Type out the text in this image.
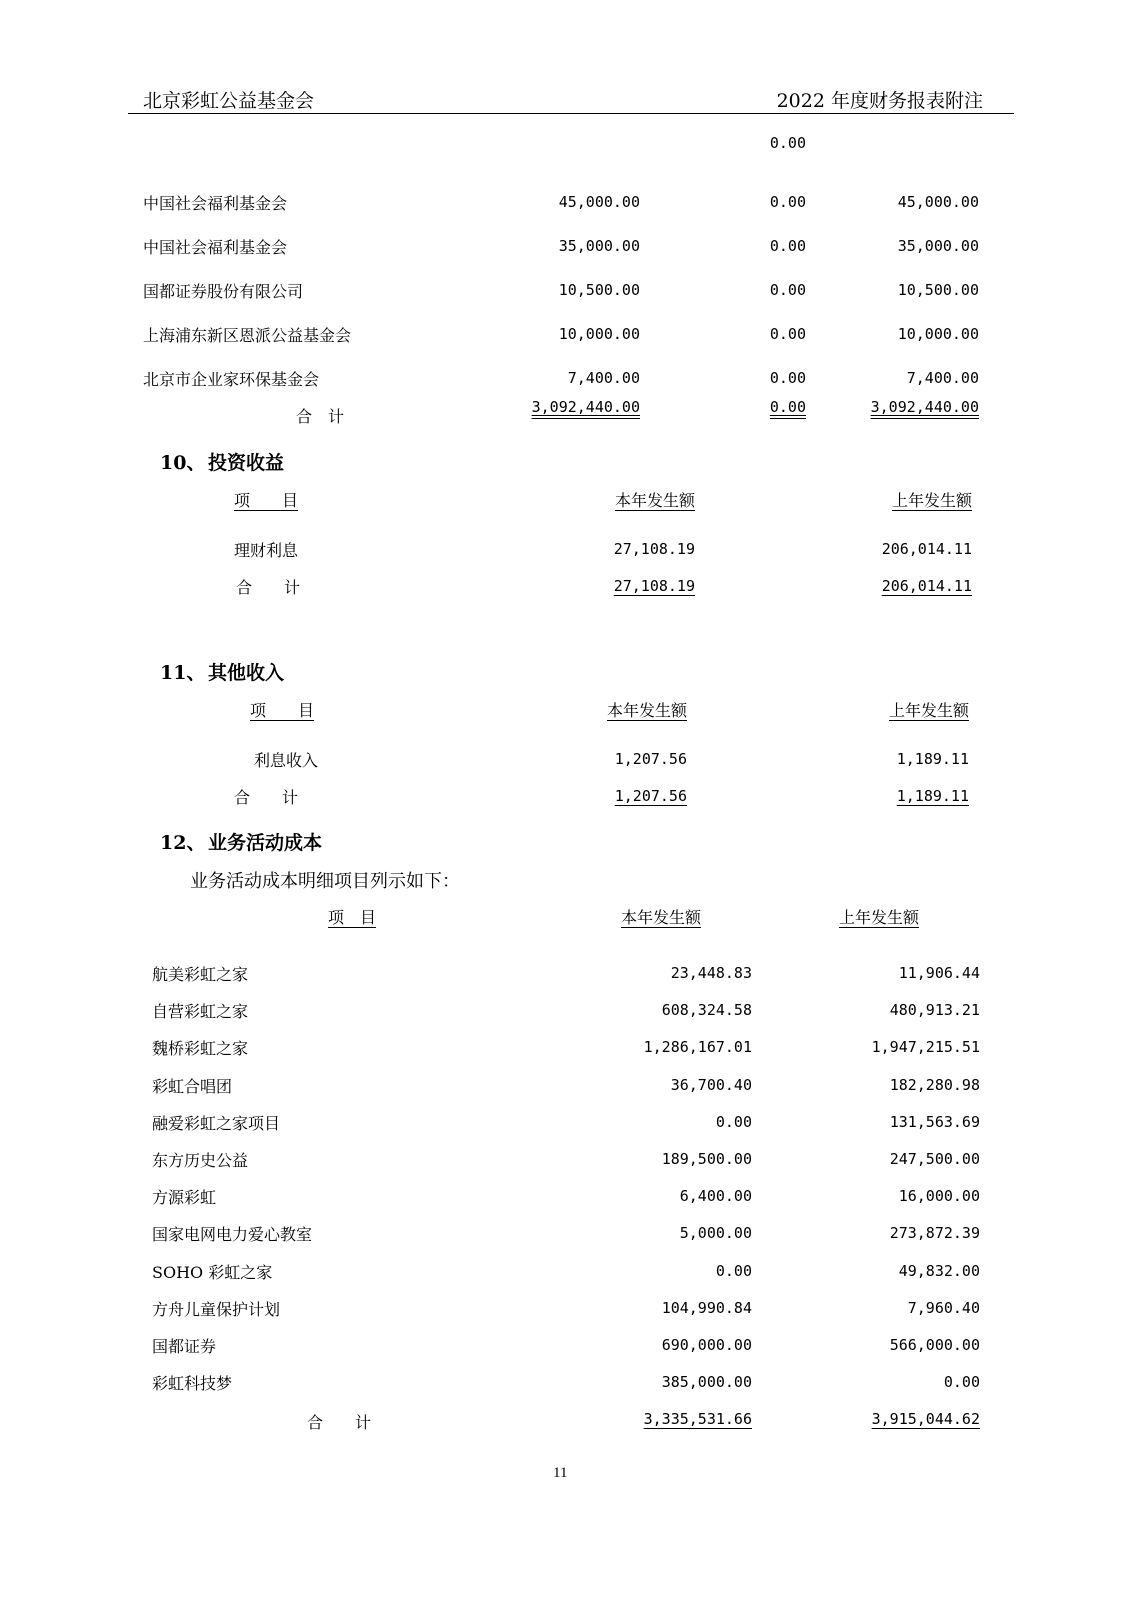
北京彩虹公益基金会	2022 年度财务报表附注
0.00
中国社会福利基金会	45,000.00	0.00	45,000.00
中国社会福利基金会	35,000.00	0.00	35,000.00
国都证券股份有限公司	10,500.00	0.00	10,500.00
上海浦东新区恩派公益基金会	10,000.00	0.00	10,000.00
北京市企业家环保基金会	7,400.00	0.00	7,400.00
合　计	3,092,440.00	0.00	3,092,440.00
10、 投资收益
项　　目	本年发生额	上年发生额
理财利息	27,108.19	206,014.11
合　　计	27,108.19	206,014.11
11、 其他收入
项　　目	本年发生额	上年发生额
利息收入	1,207.56	1,189.11
合　　计	1,207.56	1,189.11
12、 业务活动成本
业务活动成本明细项目列示如下：
项　目	本年发生额	上年发生额
航美彩虹之家	23,448.83	11,906.44
自营彩虹之家	608,324.58	480,913.21
魏桥彩虹之家	1,286,167.01	1,947,215.51
彩虹合唱团	36,700.40	182,280.98
融爱彩虹之家项目	0.00	131,563.69
东方历史公益	189,500.00	247,500.00
方源彩虹	6,400.00	16,000.00
国家电网电力爱心教室	5,000.00	273,872.39
SOHO 彩虹之家	0.00	49,832.00
方舟儿童保护计划	104,990.84	7,960.40
国都证券	690,000.00	566,000.00
彩虹科技梦	385,000.00	0.00
合　　计	3,335,531.66	3,915,044.62
11
